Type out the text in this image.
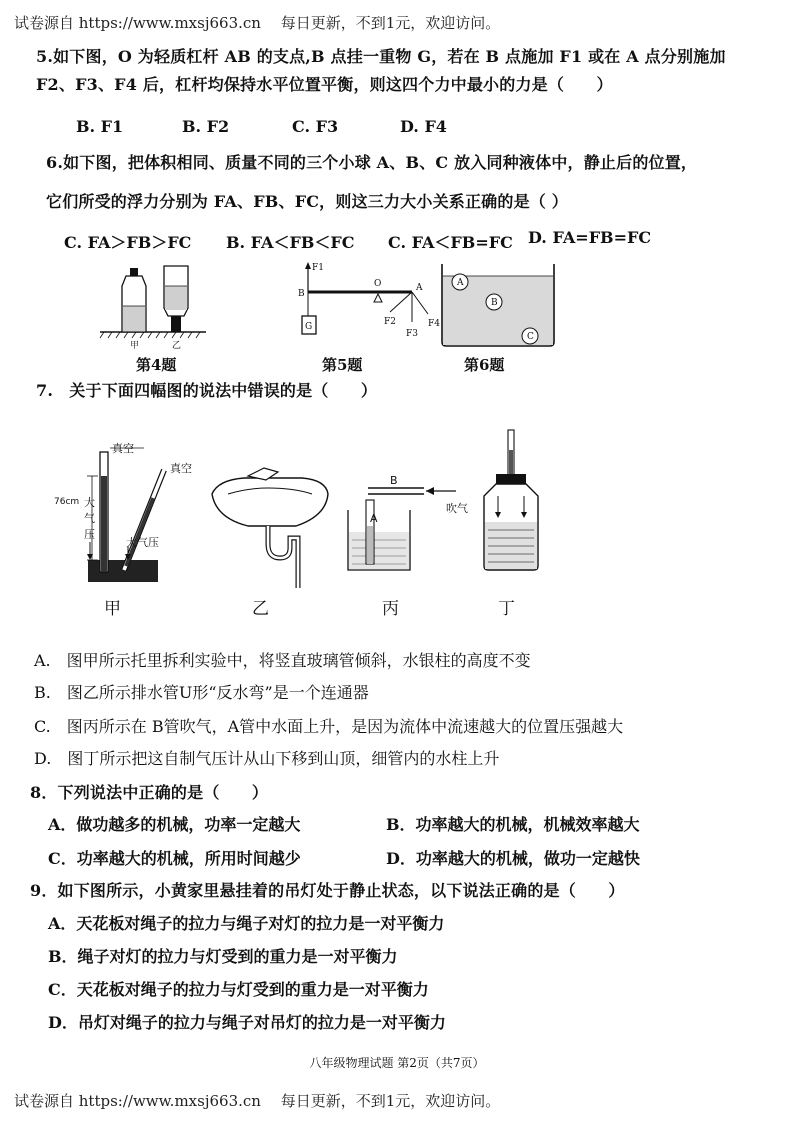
试卷源自 https://www.mxsj663.cn　 每日更新，不到1元，欢迎访问。
5.如下图，O 为轻质杠杆 AB 的支点,B 点挂一重物 G，若在 B 点施加 F1 或在 A 点分别施加
F2、F3、F4 后，杠杆均保持水平位置平衡，则这四个力中最小的力是（　　）
B. F1	B. F2	C. F3	D. F4
6.如下图，把体积相同、质量不同的三个小球 A、B、C 放入同种液体中，静止后的位置，
它们所受的浮力分别为 FA、FB、FC，则这三力大小关系正确的是（ ）
C. FA＞FB＞FC B. FA＜FB＜FC C. FA＜FB=FC D. FA=FB=FC
甲	乙
F1
B
O	A
G	F2
F3
F4
A
B
C
第4题	第5题	第6题
7.　关于下面四幅图的说法中错误的是（　　）
真空
真空
76cm 大
气
压
大气压
B
吹气
A
甲	乙	丙	丁
A.　图甲所示托里拆利实验中，将竖直玻璃管倾斜，水银柱的高度不变
B.　图乙所示排水管U形“反水弯”是一个连通器
C.　图丙所示在 B管吹气，A管中水面上升，是因为流体中流速越大的位置压强越大
D.　图丁所示把这自制气压计从山下移到山顶，细管内的水柱上升
8．下列说法中正确的是（　　）
A．做功越多的机械，功率一定越大	B．功率越大的机械，机械效率越大
C．功率越大的机械，所用时间越少	D．功率越大的机械，做功一定越快
9．如下图所示，小黄家里悬挂着的吊灯处于静止状态，以下说法正确的是（　　）
A．天花板对绳子的拉力与绳子对灯的拉力是一对平衡力
B．绳子对灯的拉力与灯受到的重力是一对平衡力
C．天花板对绳子的拉力与灯受到的重力是一对平衡力
D．吊灯对绳子的拉力与绳子对吊灯的拉力是一对平衡力
八年级物理试题 第2页（共7页）
试卷源自 https://www.mxsj663.cn　 每日更新，不到1元，欢迎访问。
